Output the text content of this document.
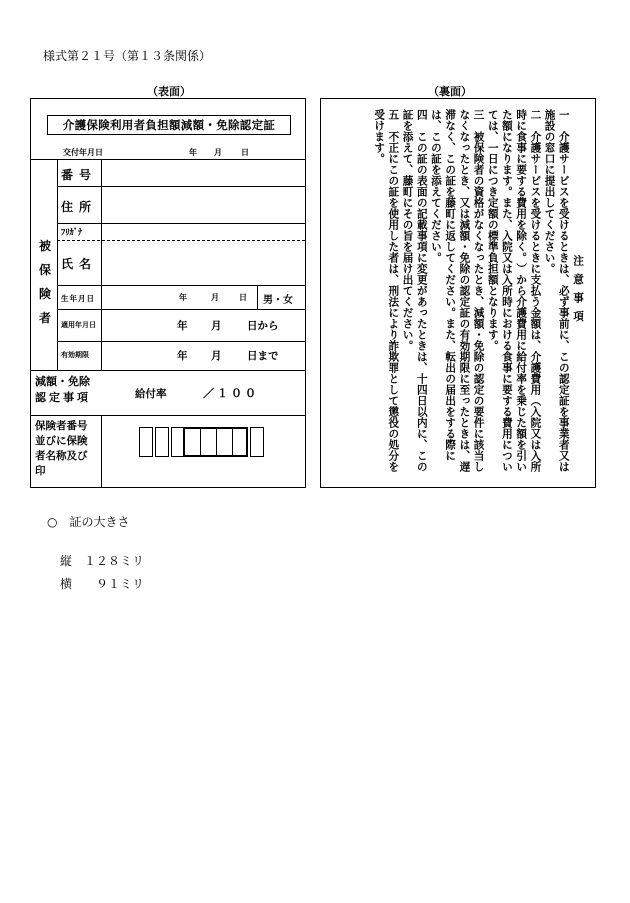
様式第２１号（第１３条関係）
（表面）	（裏面）
介護保険利用者負担額減額・免除認定証
交付年月日	年 月 日
被
保
険
者
番号
住所
ﾌﾘｶﾞﾅ
氏名
生年月日	年	月	日 男・女
適用年月日	年 月 日から
有効期限	年 月 日まで
減額・免除
認定事項	給付率	／１００
保険者番号
並びに保険
者名称及び
印
注意事項
一　介護サービスを受けるときは、必ず事前に、この認定証を事業者又は施設の窓口に提出してください。
二　介護サービスを受けるときに支払う金額は、介護費用（入院又は入所時に食事に要する費用を除く。）から介護費用に給付率を乗じた額を引いた額になります。また、入院又は入所時における食事に要する費用については、一日につき定額の標準負担額となります。
三　被保険者の資格がなくなったとき、減額・免除の認定の要件に該当しなくなったとき、又は減額・免除の認定証の有効期限に至ったときは、遅滞なく、この証を藤町に返してください。また、転出の届出をする際には、この証を添えてください。
四　この証の表面の記載事項に変更があったときは、十四日以内に、この証を添えて、藤町にその旨を届け出てください。
五　不正にこの証を使用した者は、刑法により詐欺罪として懲役の処分を受けます。
○　証の大きさ
縦　１２８ミリ
横　　９１ミリ
